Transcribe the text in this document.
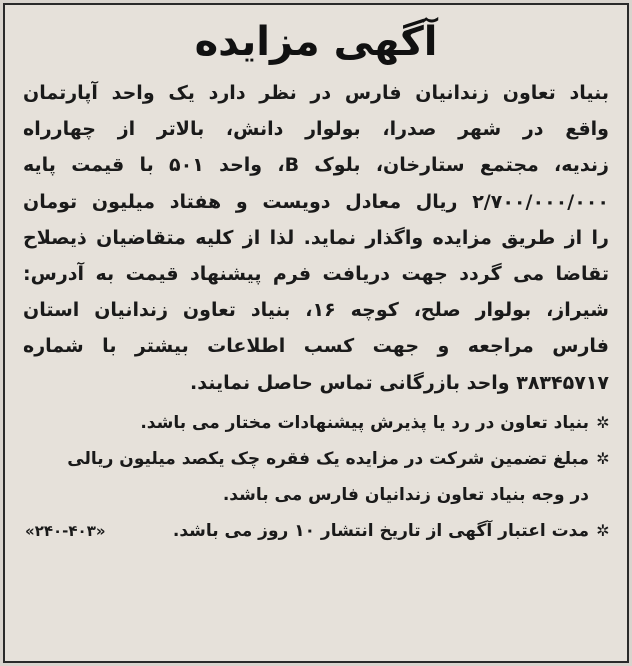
آگهی مزایده
بنیاد تعاون زندانیان فارس در نظر دارد یک واحد آپارتمان
واقع در شهر صدرا، بولوار دانش، بالاتر از چهارراه
زندیه، مجتمع ستارخان، بلوک B، واحد ۵۰۱ با قیمت پایه
۲/۷۰۰/۰۰۰/۰۰۰ ریال معادل دویست و هفتاد میلیون تومان
را از طریق مزایده واگذار نماید. لذا از کلیه متقاضیان ذیصلاح
تقاضا می گردد جهت دریافت فرم پیشنهاد قیمت به آدرس:
شیراز، بولوار صلح، کوچه ۱۶، بنیاد تعاون زندانیان استان
فارس مراجعه و جهت کسب اطلاعات بیشتر با شماره
۳۸۳۴۵۷۱۷ واحد بازرگانی تماس حاصل نمایند.
✲بنیاد تعاون در رد یا پذیرش پیشنهادات مختار می باشد.
✲مبلغ تضمین شرکت در مزایده یک فقره چک یکصد میلیون ریالی
در وجه بنیاد تعاون زندانیان فارس می باشد.
✲مدت اعتبار آگهی از تاریخ انتشار ۱۰ روز می باشد.
«۲۴۰-۴۰۳»
